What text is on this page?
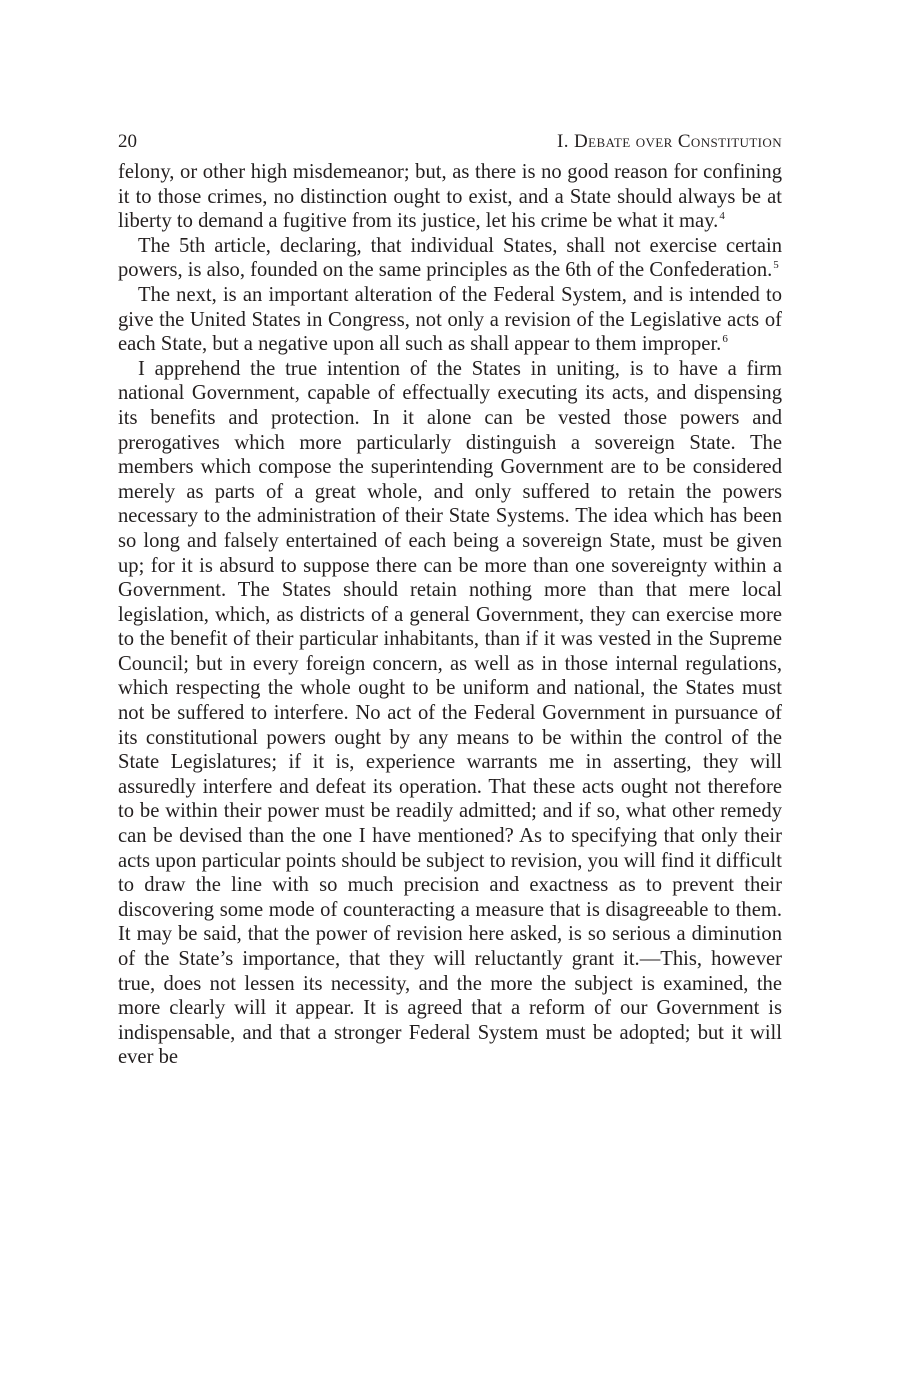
20	I. Debate over Constitution

felony, or other high misdemeanor; but, as there is no good reason for confining it to those crimes, no distinction ought to exist, and a State should always be at liberty to demand a fugitive from its justice, let his crime be what it may.$^4$

The 5th article, declaring, that individual States, shall not exercise certain powers, is also, founded on the same principles as the 6th of the Confederation.$^5$

The next, is an important alteration of the Federal System, and is intended to give the United States in Congress, not only a revision of the Legislative acts of each State, but a negative upon all such as shall appear to them improper.$^6$

I apprehend the true intention of the States in uniting, is to have a firm national Government, capable of effectually executing its acts, and dispensing its benefits and protection. In it alone can be vested those powers and prerogatives which more particularly distinguish a sovereign State. The members which compose the superintending Government are to be considered merely as parts of a great whole, and only suffered to retain the powers necessary to the administration of their State Systems. The idea which has been so long and falsely entertained of each being a sovereign State, must be given up; for it is absurd to suppose there can be more than one sovereignty within a Government. The States should retain nothing more than that mere local legislation, which, as districts of a general Government, they can exercise more to the benefit of their particular inhabitants, than if it was vested in the Supreme Council; but in every foreign concern, as well as in those internal regulations, which respecting the whole ought to be uniform and national, the States must not be suffered to interfere. No act of the Federal Government in pursuance of its constitutional powers ought by any means to be within the control of the State Legislatures; if it is, experience warrants me in asserting, they will assuredly interfere and defeat its operation. That these acts ought not therefore to be within their power must be readily admitted; and if so, what other remedy can be devised than the one I have mentioned? As to specifying that only their acts upon particular points should be subject to revision, you will find it difficult to draw the line with so much precision and exactness as to prevent their discovering some mode of counteracting a measure that is disagreeable to them. It may be said, that the power of revision here asked, is so serious a diminution of the State’s importance, that they will reluctantly grant it.—This, however true, does not lessen its necessity, and the more the subject is examined, the more clearly will it appear. It is agreed that a reform of our Government is indispensable, and that a stronger Federal System must be adopted; but it will ever be
